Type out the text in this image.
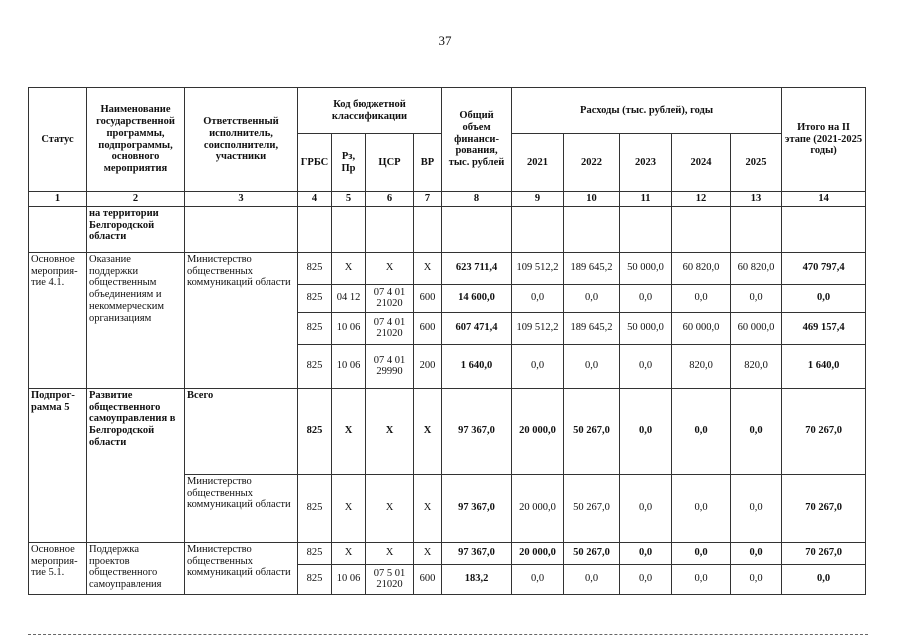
37
Статус	Наименование государственной программы, подпрограммы, основного мероприятия	Ответственный исполнитель, соисполнители, участники	Код бюджетной классификации				Общий объем финанси-рования, тыс. рублей	Расходы (тыс. рублей), годы					Итого на II этапе (2021-2025 годы)
			ГРБС	Рз, Пр	ЦСР	ВР		2021	2022	2023	2024	2025	
1	2	3	4	5	6	7	8	9	10	11	12	13	14
	на территории Белгородской области												
Основное мероприя-тие 4.1.	Оказание поддержки общественным объединениям и некоммерческим организациям	Министерство общественных коммуникаций области	825	Х	Х	Х	623 711,4	109 512,2	189 645,2	50 000,0	60 820,0	60 820,0	470 797,4
			825	04 12	07 4 01 21020	600	14 600,0	0,0	0,0	0,0	0,0	0,0	0,0
			825	10 06	07 4 01 21020	600	607 471,4	109 512,2	189 645,2	50 000,0	60 000,0	60 000,0	469 157,4
			825	10 06	07 4 01 29990	200	1 640,0	0,0	0,0	0,0	820,0	820,0	1 640,0
Подпрог-рамма 5	Развитие общественного самоуправления в Белгородской области	Всего	825	Х	Х	Х	97 367,0	20 000,0	50 267,0	0,0	0,0	0,0	70 267,0
		Министерство общественных коммуникаций области	825	Х	Х	Х	97 367,0	20 000,0	50 267,0	0,0	0,0	0,0	70 267,0
Основное мероприя-тие 5.1.	Поддержка проектов общественного самоуправления	Министерство общественных коммуникаций области	825	Х	Х	Х	97 367,0	20 000,0	50 267,0	0,0	0,0	0,0	70 267,0
			825	10 06	07 5 01 21020	600	183,2	0,0	0,0	0,0	0,0	0,0	0,0
